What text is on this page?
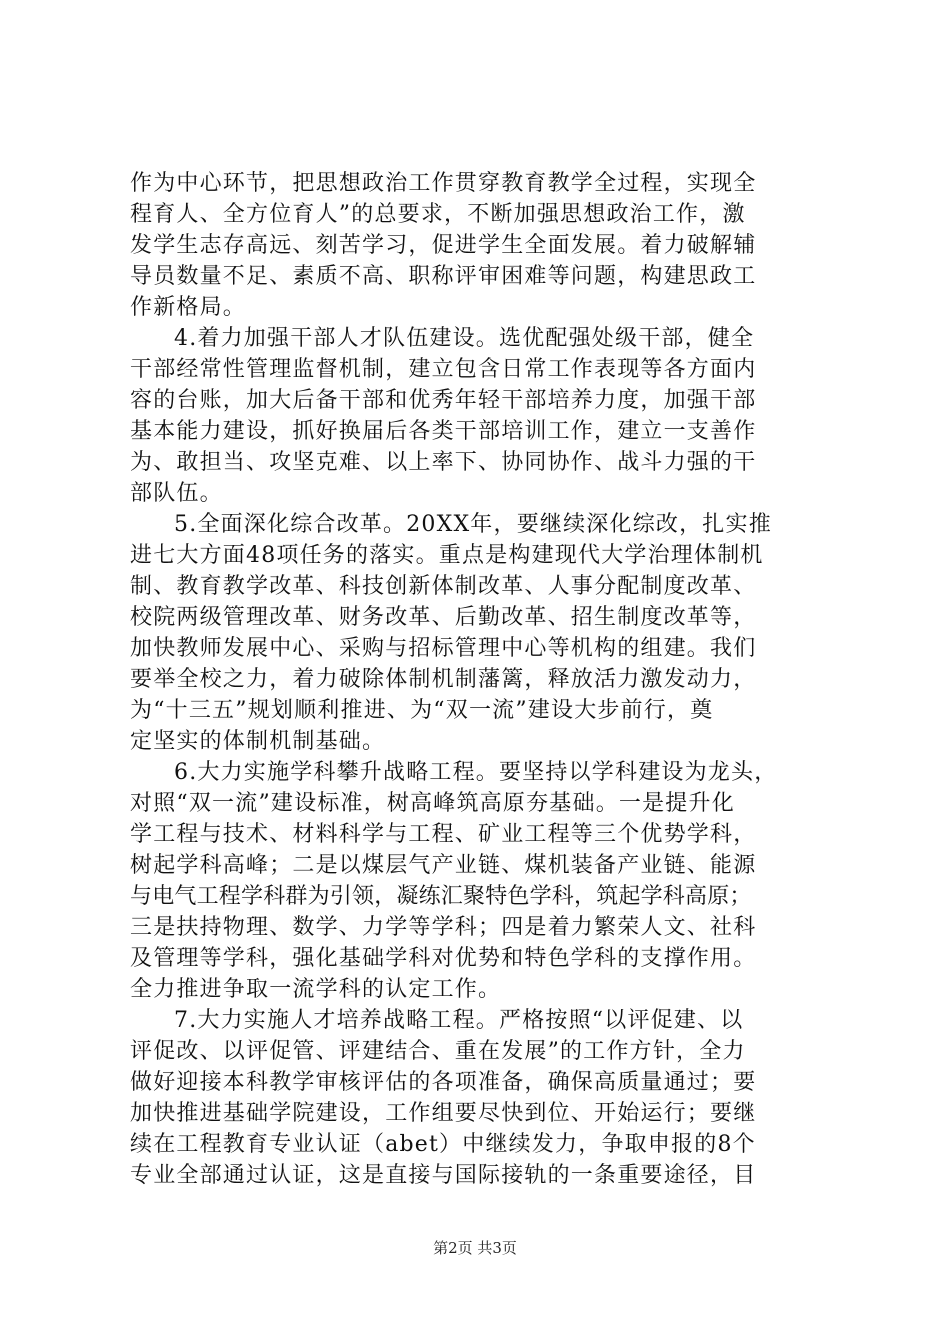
作为中心环节，把思想政治工作贯穿教育教学全过程，实现全
程育人、全方位育人”的总要求，不断加强思想政治工作，激
发学生志存高远、刻苦学习，促进学生全面发展。着力破解辅
导员数量不足、素质不高、职称评审困难等问题，构建思政工
作新格局。
4.着力加强干部人才队伍建设。选优配强处级干部，健全
干部经常性管理监督机制，建立包含日常工作表现等各方面内
容的台账，加大后备干部和优秀年轻干部培养力度，加强干部
基本能力建设，抓好换届后各类干部培训工作，建立一支善作
为、敢担当、攻坚克难、以上率下、协同协作、战斗力强的干
部队伍。
5.全面深化综合改革。20XX年，要继续深化综改，扎实推
进七大方面48项任务的落实。重点是构建现代大学治理体制机
制、教育教学改革、科技创新体制改革、人事分配制度改革、
校院两级管理改革、财务改革、后勤改革、招生制度改革等，
加快教师发展中心、采购与招标管理中心等机构的组建。我们
要举全校之力，着力破除体制机制藩篱，释放活力激发动力，
为“十三五”规划顺利推进、为“双一流”建设大步前行，奠
定坚实的体制机制基础。
6.大力实施学科攀升战略工程。要坚持以学科建设为龙头，
对照“双一流”建设标准，树高峰筑高原夯基础。一是提升化
学工程与技术、材料科学与工程、矿业工程等三个优势学科，
树起学科高峰；二是以煤层气产业链、煤机装备产业链、能源
与电气工程学科群为引领，凝练汇聚特色学科，筑起学科高原；
三是扶持物理、数学、力学等学科；四是着力繁荣人文、社科
及管理等学科，强化基础学科对优势和特色学科的支撑作用。
全力推进争取一流学科的认定工作。
7.大力实施人才培养战略工程。严格按照“以评促建、以
评促改、以评促管、评建结合、重在发展”的工作方针，全力
做好迎接本科教学审核评估的各项准备，确保高质量通过；要
加快推进基础学院建设，工作组要尽快到位、开始运行；要继
续在工程教育专业认证（abet）中继续发力，争取申报的8个
专业全部通过认证，这是直接与国际接轨的一条重要途径，目
第2页 共3页
